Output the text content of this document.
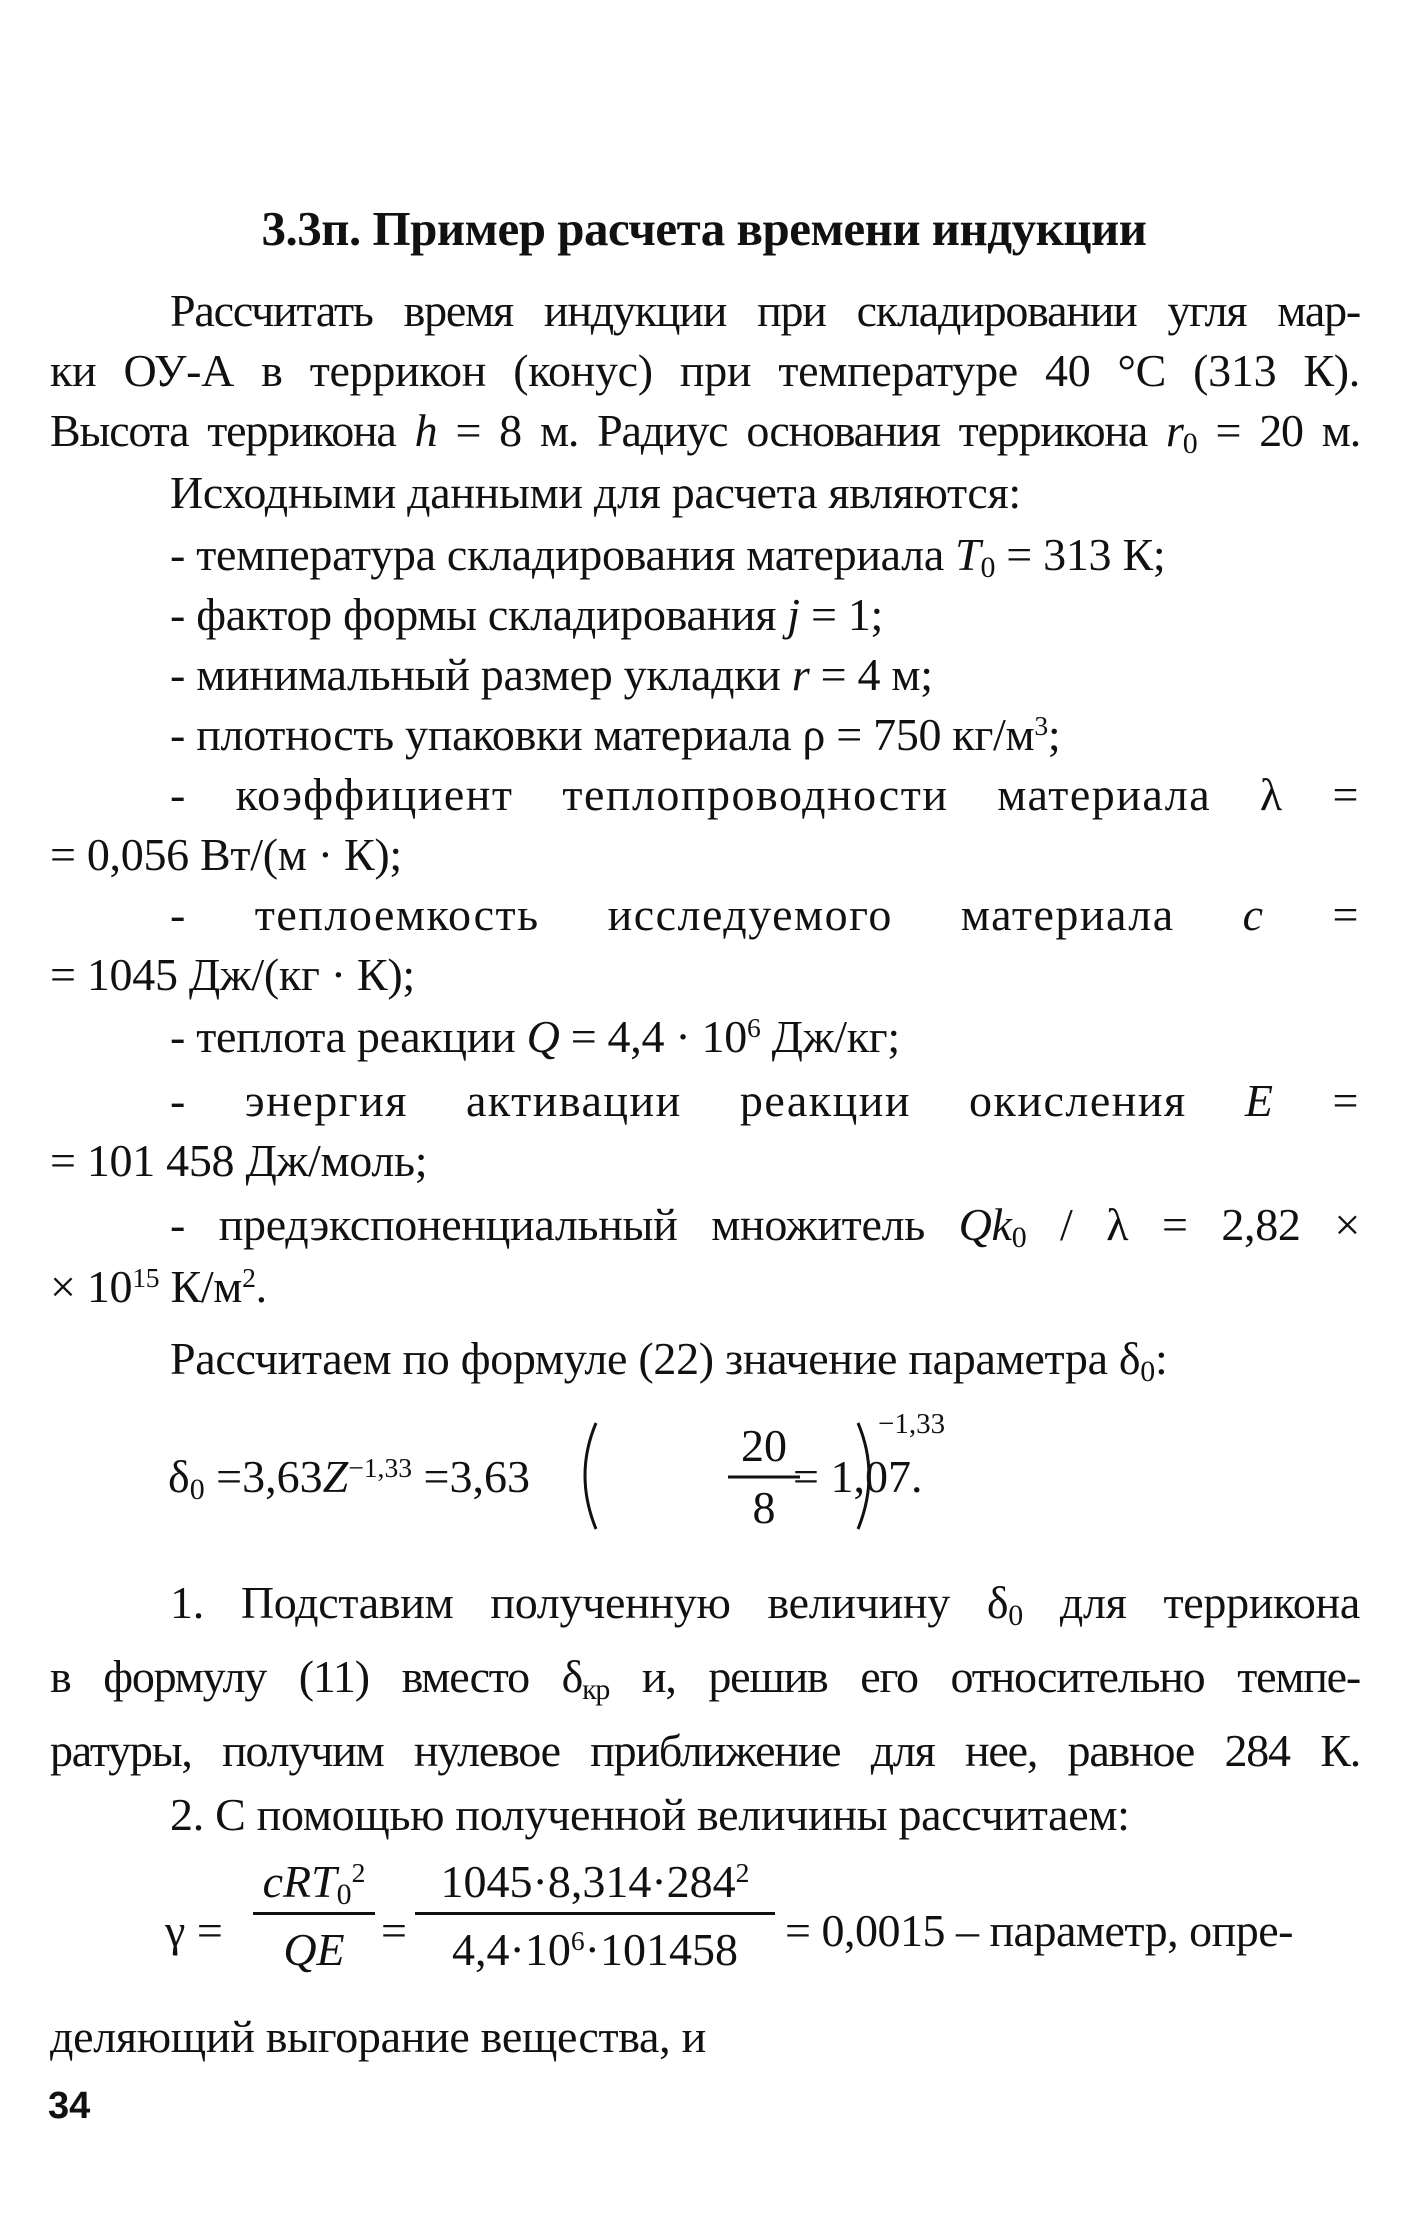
3.3п. Пример расчета времени индукции
Рассчитать время индукции при складировании угля мар-
ки ОУ-А в террикон (конус) при температуре 40 °С (313 К).
Высота террикона h = 8 м. Радиус основания террикона $r_0 = 20$ м.
Исходными данными для расчета являются:
- температура складирования материала $T_0 = 313$ К;
- фактор формы складирования j = 1;
- минимальный размер укладки r = 4 м;
- плотность упаковки материала ρ = 750 $кг/м^3$;
- коэффициент теплопроводности материала λ =
= 0,056 Вт/(м · К);
- теплоемкость исследуемого материала c =
= 1045 Дж/(кг · К);
- теплота реакции $Q = 4,4 \cdot 10^6$ Дж/кг;
- энергия активации реакции окисления E =
= 101 458 Дж/моль;
- предэкспоненциальный множитель $Qk_0 / \lambda = 2,82$ ×
× $10^{15}$ $К/м^2$.
Рассчитаем по формуле (22) значение параметра $\delta_0$:
$\delta_0 =3,63Z^{-1,33} =3,63$
20
8
−1,33
= 1,07.
1. Подставим полученную величину $\delta_0$ для террикона
в формулу (11) вместо $\delta_{кр}$ и, решив его относительно темпе-
ратуры, получим нулевое приближение для нее, равное 284 К.
2. С помощью полученной величины рассчитаем:
γ =
cRT$_0^2$
QE =
$1045\cdot 8,314\cdot 284^2$
$4,4\cdot 10^6\cdot 101458$	= 0,0015 – параметр, опре-
деляющий выгорание вещества, и
34
